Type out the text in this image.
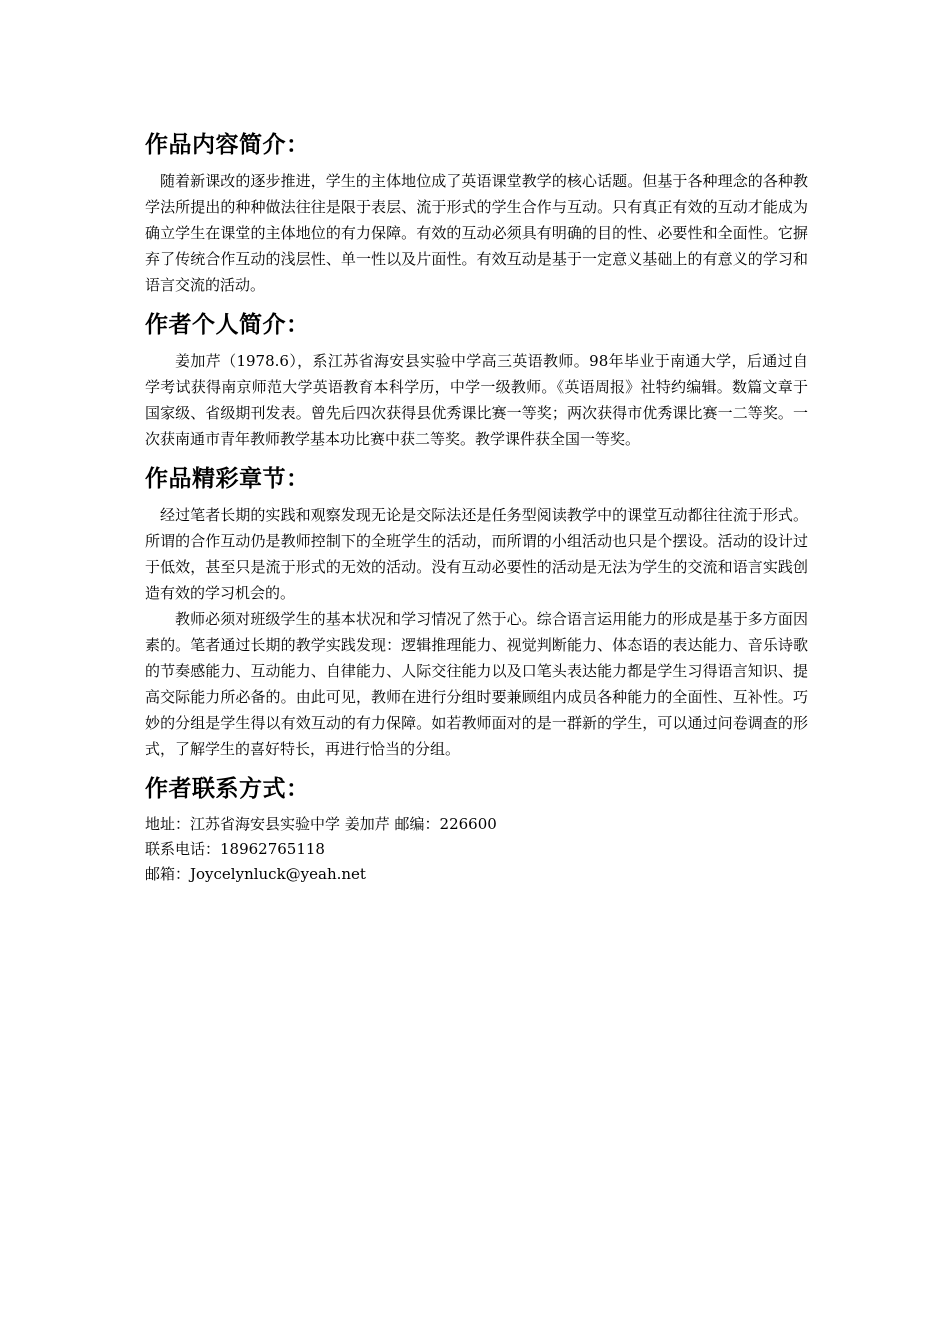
作品内容简介：

随着新课改的逐步推进，学生的主体地位成了英语课堂教学的核心话题。但基于各种理念的各种教学法所提出的种种做法往往是限于表层、流于形式的学生合作与互动。只有真正有效的互动才能成为确立学生在课堂的主体地位的有力保障。有效的互动必须具有明确的目的性、必要性和全面性。它摒弃了传统合作互动的浅层性、单一性以及片面性。有效互动是基于一定意义基础上的有意义的学习和语言交流的活动。

作者个人简介：

姜加芹（1978.6），系江苏省海安县实验中学高三英语教师。98年毕业于南通大学，后通过自学考试获得南京师范大学英语教育本科学历，中学一级教师。《英语周报》社特约编辑。数篇文章于国家级、省级期刊发表。曾先后四次获得县优秀课比赛一等奖；两次获得市优秀课比赛一二等奖。一次获南通市青年教师教学基本功比赛中获二等奖。教学课件获全国一等奖。

作品精彩章节：

经过笔者长期的实践和观察发现无论是交际法还是任务型阅读教学中的课堂互动都往往流于形式。所谓的合作互动仍是教师控制下的全班学生的活动，而所谓的小组活动也只是个摆设。活动的设计过于低效，甚至只是流于形式的无效的活动。没有互动必要性的活动是无法为学生的交流和语言实践创造有效的学习机会的。

教师必须对班级学生的基本状况和学习情况了然于心。综合语言运用能力的形成是基于多方面因素的。笔者通过长期的教学实践发现：逻辑推理能力、视觉判断能力、体态语的表达能力、音乐诗歌的节奏感能力、互动能力、自律能力、人际交往能力以及口笔头表达能力都是学生习得语言知识、提高交际能力所必备的。由此可见，教师在进行分组时要兼顾组内成员各种能力的全面性、互补性。巧妙的分组是学生得以有效互动的有力保障。如若教师面对的是一群新的学生，可以通过问卷调查的形式，了解学生的喜好特长，再进行恰当的分组。

作者联系方式：

地址：江苏省海安县实验中学 姜加芹 邮编：226600

联系电话：18962765118

邮箱：Joycelynluck@yeah.net
